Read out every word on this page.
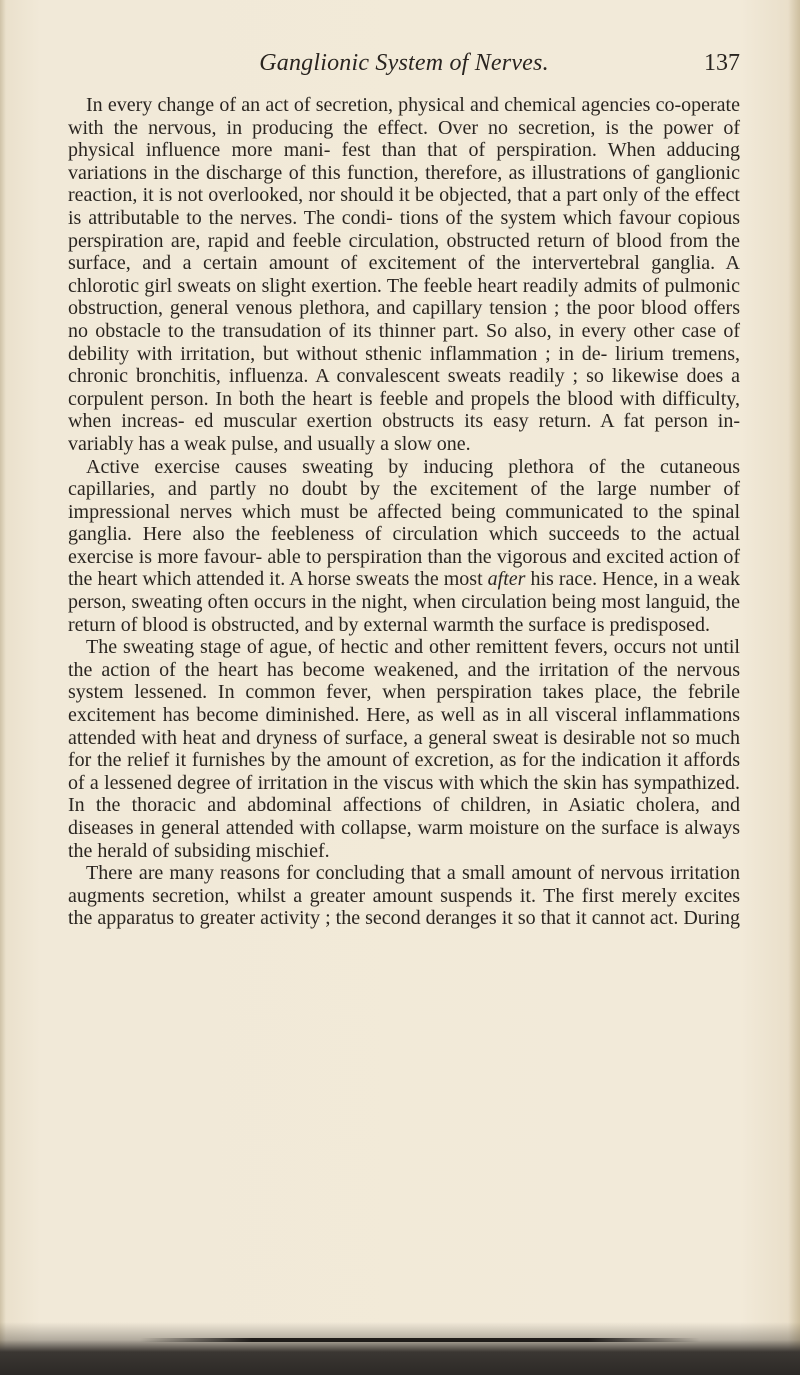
Ganglionic System of Nerves.	137

In every change of an act of secretion, physical and chemical agencies co-operate with the nervous, in producing the effect. Over no secretion, is the power of physical influence more mani- fest than that of perspiration. When adducing variations in the discharge of this function, therefore, as illustrations of ganglionic reaction, it is not overlooked, nor should it be objected, that a part only of the effect is attributable to the nerves. The condi- tions of the system which favour copious perspiration are, rapid and feeble circulation, obstructed return of blood from the surface, and a certain amount of excitement of the intervertebral ganglia. A chlorotic girl sweats on slight exertion. The feeble heart readily admits of pulmonic obstruction, general venous plethora, and capillary tension ; the poor blood offers no obstacle to the transudation of its thinner part. So also, in every other case of debility with irritation, but without sthenic inflammation ; in de- lirium tremens, chronic bronchitis, influenza. A convalescent sweats readily ; so likewise does a corpulent person. In both the heart is feeble and propels the blood with difficulty, when increas- ed muscular exertion obstructs its easy return. A fat person in- variably has a weak pulse, and usually a slow one.

Active exercise causes sweating by inducing plethora of the cutaneous capillaries, and partly no doubt by the excitement of the large number of impressional nerves which must be affected being communicated to the spinal ganglia. Here also the feebleness of circulation which succeeds to the actual exercise is more favour- able to perspiration than the vigorous and excited action of the heart which attended it. A horse sweats the most after his race. Hence, in a weak person, sweating often occurs in the night, when circulation being most languid, the return of blood is obstructed, and by external warmth the surface is predisposed.

The sweating stage of ague, of hectic and other remittent fevers, occurs not until the action of the heart has become weakened, and the irritation of the nervous system lessened. In common fever, when perspiration takes place, the febrile excitement has become diminished. Here, as well as in all visceral inflammations attended with heat and dryness of surface, a general sweat is desirable not so much for the relief it furnishes by the amount of excretion, as for the indication it affords of a lessened degree of irritation in the viscus with which the skin has sympathized. In the thoracic and abdominal affections of children, in Asiatic cholera, and diseases in general attended with collapse, warm moisture on the surface is always the herald of subsiding mischief.

There are many reasons for concluding that a small amount of nervous irritation augments secretion, whilst a greater amount suspends it. The first merely excites the apparatus to greater activity ; the second deranges it so that it cannot act. During
